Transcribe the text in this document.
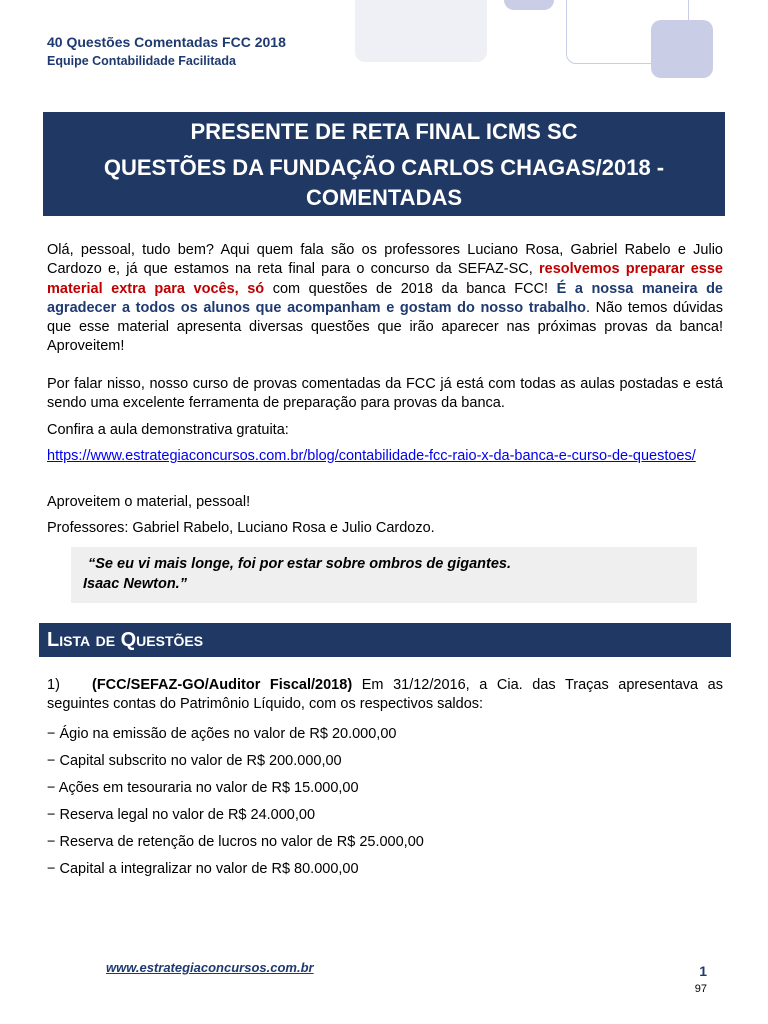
40 Questões Comentadas FCC 2018
Equipe Contabilidade Facilitada
PRESENTE DE RETA FINAL ICMS SC
QUESTÕES DA FUNDAÇÃO CARLOS CHAGAS/2018 -
COMENTADAS
Olá, pessoal, tudo bem? Aqui quem fala são os professores Luciano Rosa, Gabriel Rabelo e Julio Cardozo e, já que estamos na reta final para o concurso da SEFAZ-SC, resolvemos preparar esse material extra para vocês, só com questões de 2018 da banca FCC! É a nossa maneira de agradecer a todos os alunos que acompanham e gostam do nosso trabalho. Não temos dúvidas que esse material apresenta diversas questões que irão aparecer nas próximas provas da banca! Aproveitem!
Por falar nisso, nosso curso de provas comentadas da FCC já está com todas as aulas postadas e está sendo uma excelente ferramenta de preparação para provas da banca.
Confira a aula demonstrativa gratuita:
https://www.estrategiaconcursos.com.br/blog/contabilidade-fcc-raio-x-da-banca-e-curso-de-questoes/
Aproveitem o material, pessoal!
Professores: Gabriel Rabelo, Luciano Rosa e Julio Cardozo.
“Se eu vi mais longe, foi por estar sobre ombros de gigantes.
Isaac Newton.”
Lista de Questões
1) (FCC/SEFAZ-GO/Auditor Fiscal/2018) Em 31/12/2016, a Cia. das Traças apresentava as seguintes contas do Patrimônio Líquido, com os respectivos saldos:
− Ágio na emissão de ações no valor de R$ 20.000,00
− Capital subscrito no valor de R$ 200.000,00
− Ações em tesouraria no valor de R$ 15.000,00
− Reserva legal no valor de R$ 24.000,00
− Reserva de retenção de lucros no valor de R$ 25.000,00
− Capital a integralizar no valor de R$ 80.000,00
www.estrategiaconcursos.com.br	1
97
